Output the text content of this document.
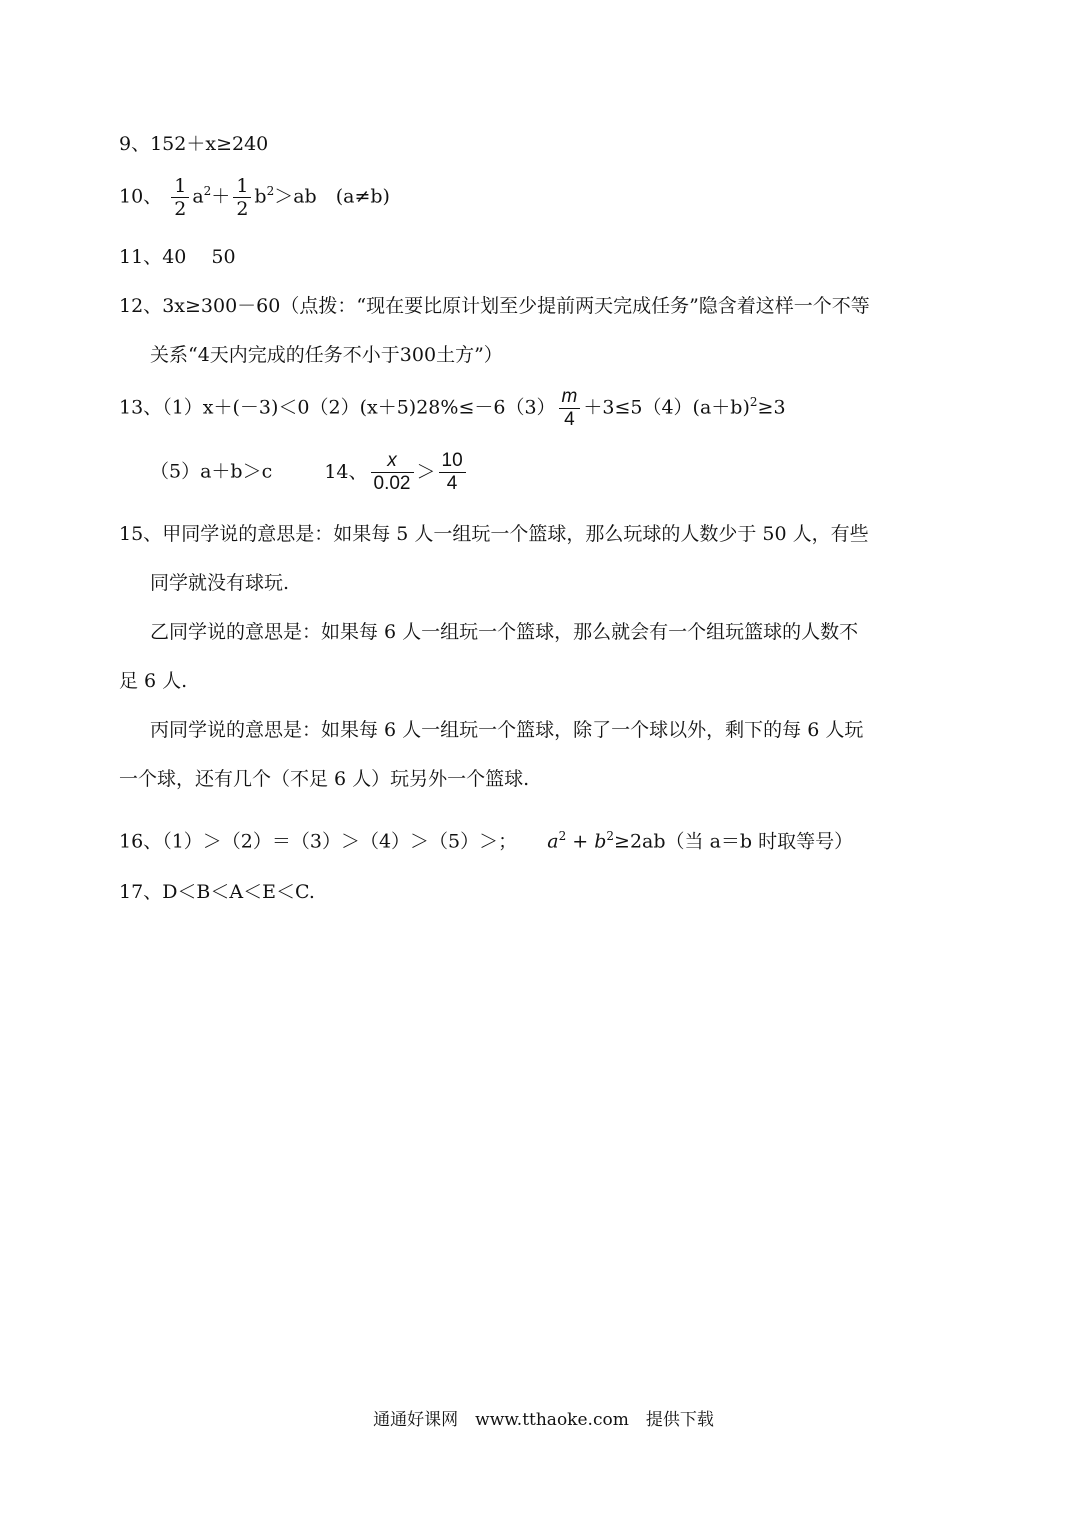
9、152＋x≥240
10、 $\frac{1}{2} a^2+ \frac{1}{2} b^2>ab$　(a≠b)
11、40　 50
12、3x≥300－60（点拨：“现在要比原计划至少提前两天完成任务”隐含着这样一个不等
关系“4天内完成的任务不小于300土方”）
13、$(1)x+(-3)<0(2)(x+5)28\%\le-6(3) \frac{m}{4} +3\le 5(4)(a+b)^2\ge 3$
（5）a＋b＞c	14、 $\frac{x}{0.02} > \frac{10}{4}$
15、甲同学说的意思是：如果每 5 人一组玩一个篮球，那么玩球的人数少于 50 人，有些
同学就没有球玩.
乙同学说的意思是：如果每 6 人一组玩一个篮球，那么就会有一个组玩篮球的人数不
足 6 人.
丙同学说的意思是：如果每 6 人一组玩一个篮球，除了一个球以外，剩下的每 6 人玩
一个球，还有几个（不足 6 人）玩另外一个篮球.
16、（1）＞（2）＝（3）＞（4）＞（5）＞； $a^2 + b^2\ge 2ab$（当 a＝b 时取等号）
17、D＜B＜A＜E＜C.
通通好课网　www.tthaoke.com　提供下载
